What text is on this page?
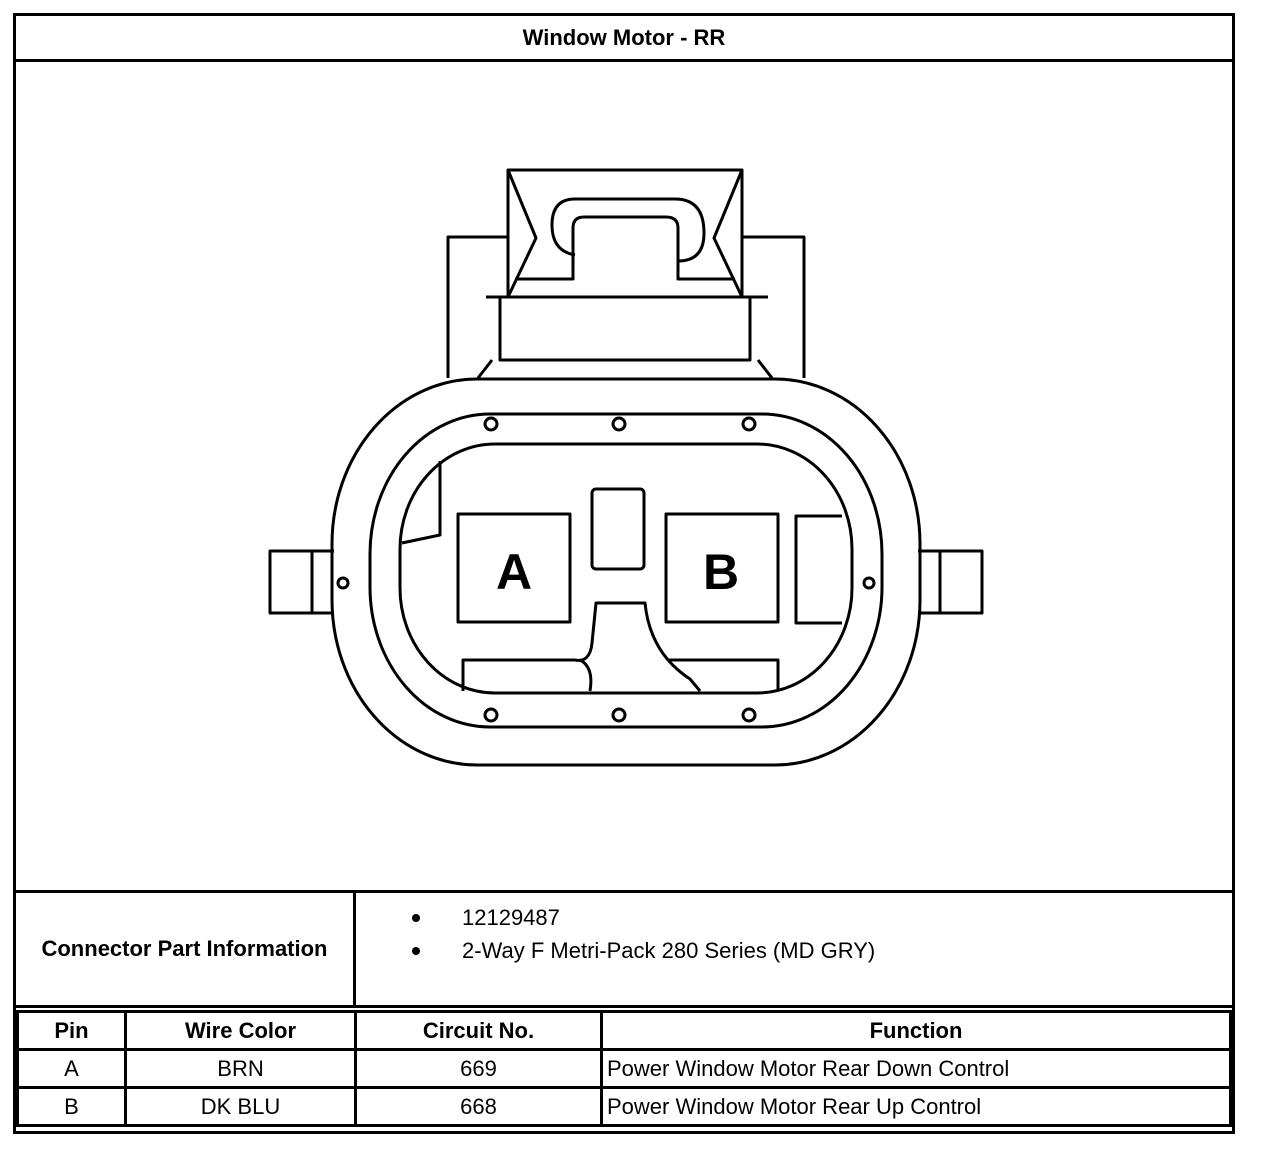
Window Motor - RR
A	B
Connector Part Information
12129487
2-Way F Metri-Pack 280 Series (MD GRY)
Pin	Wire Color	Circuit No.	Function
A	BRN	669	Power Window Motor Rear Down Control
B	DK BLU	668	Power Window Motor Rear Up Control
